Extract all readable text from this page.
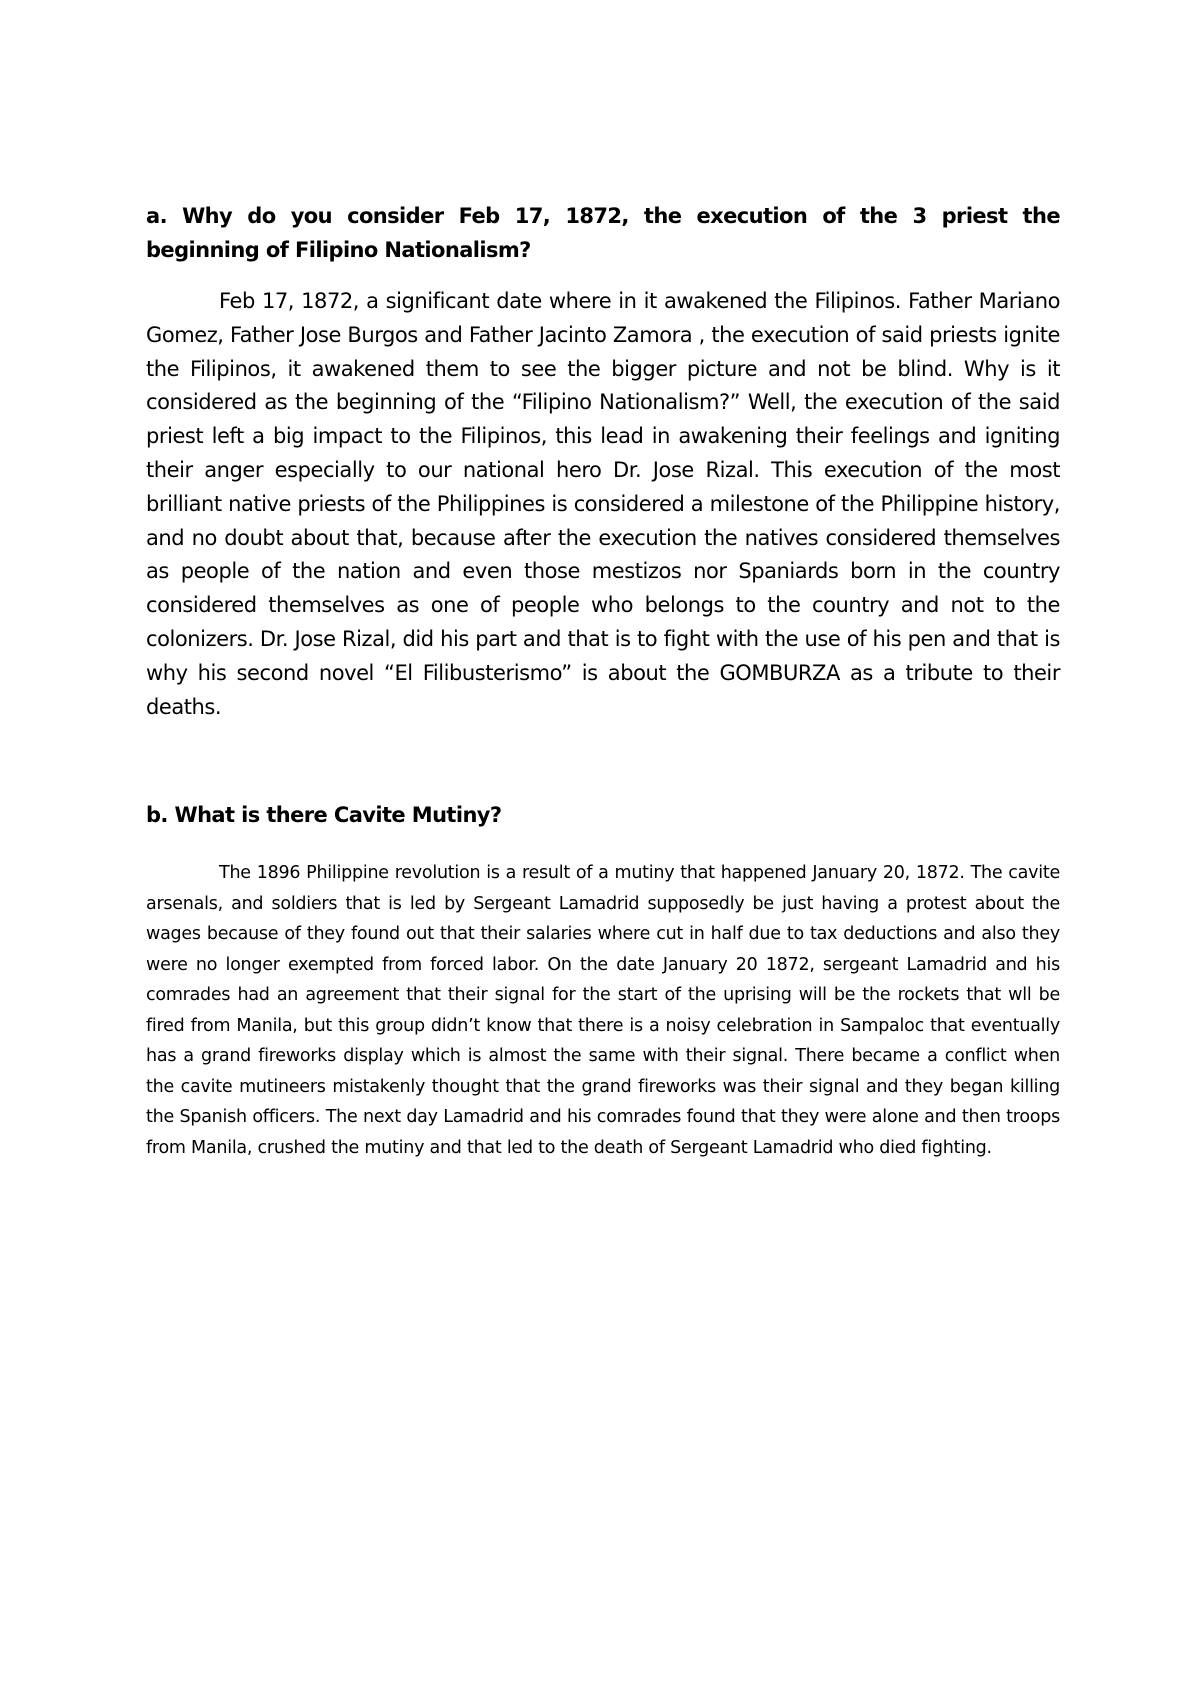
a. Why do you consider Feb 17, 1872, the execution of the 3 priest the beginning of Filipino Nationalism?

Feb 17, 1872, a significant date where in it awakened the Filipinos. Father Mariano Gomez, Father Jose Burgos and Father Jacinto Zamora , the execution of said priests ignite the Filipinos, it awakened them to see the bigger picture and not be blind. Why is it considered as the beginning of the “Filipino Nationalism?” Well, the execution of the said priest left a big impact to the Filipinos, this lead in awakening their feelings and igniting their anger especially to our national hero Dr. Jose Rizal. This execution of the most brilliant native priests of the Philippines is considered a milestone of the Philippine history, and no doubt about that, because after the execution the natives considered themselves as people of the nation and even those mestizos nor Spaniards born in the country considered themselves as one of people who belongs to the country and not to the colonizers. Dr. Jose Rizal, did his part and that is to fight with the use of his pen and that is why his second novel “El Filibusterismo” is about the GOMBURZA as a tribute to their deaths.

b. What is there Cavite Mutiny?

The 1896 Philippine revolution is a result of a mutiny that happened January 20, 1872. The cavite arsenals, and soldiers that is led by Sergeant Lamadrid supposedly be just having a protest about the wages because of they found out that their salaries where cut in half due to tax deductions and also they were no longer exempted from forced labor. On the date January 20 1872, sergeant Lamadrid and his comrades had an agreement that their signal for the start of the uprising will be the rockets that wll be fired from Manila, but this group didn’t know that there is a noisy celebration in Sampaloc that eventually has a grand fireworks display which is almost the same with their signal. There became a conflict when the cavite mutineers mistakenly thought that the grand fireworks was their signal and they began killing the Spanish officers. The next day Lamadrid and his comrades found that they were alone and then troops from Manila, crushed the mutiny and that led to the death of Sergeant Lamadrid who died fighting.
